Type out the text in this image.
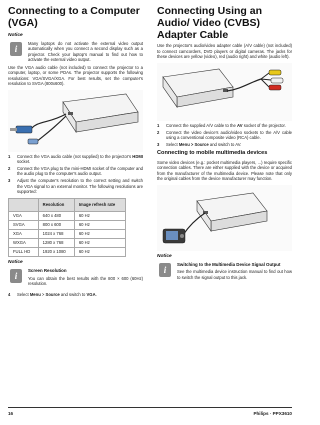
Connecting to a Computer (VGA)
Notice
i

Many laptops do not activate the external video output automatically when you connect a second display such as a projector. Check your laptop's manual to find out how to activate the external video output.

Use the VGA audio cable (not included) to connect the projector to a computer, laptop, or some PDAs. The projector supports the following resolutions: VGA/SVGA/XGA. For best results, set the computer's resolution to SVGA (800x600).

1 Connect the VGA audio cable (not supplied) to the projector's HDMI socket.
2 Connect the VGA plug to the mini-HDMI socket of the computer and the audio plug to the computer's audio output.
3 Adjust the computer's resolution to the correct setting and switch the VGA signal to an external monitor. The following resolutions are supported:
	Resolution	Image refresh rate
VGA	640 x 480	60 Hz
SVGA	800 x 600	60 Hz
XGA	1024 x 768	60 Hz
WXGA	1280 x 768	60 Hz
FULL HD	1920 x 1080	60 Hz
Notice
i
Screen Resolution

You can obtain the best results with the 800 × 600 (60Hz) resolution.

4 Select Menu > Source and switch to VGA.
Connecting Using an Audio/ Video (CVBS) Adapter Cable

Use the projector's audio/video adapter cable (A/V cable) (not included) to connect camcorders, DVD players or digital cameras. The jacks for these devices are yellow (video), red (audio right) and white (audio left).

1 Connect the supplied A/V cable to the AV socket of the projector.
2 Connect the video device's audio/video sockets to the A/V cable using a conventional composite video (RCA) cable.
3 Select Menu > Source and switch to AV.
Connecting to mobile multimedia devices

Some video devices (e.g.: pocket multimedia players, ...) require specific connection cables. There are either supplied with the device or acquired from the manufacturer of the multimedia device. Please note that only the original cables from the device manufacturer may function.

Notice
i
Switching to the Multimedia Device Signal Output

See the multimedia device instruction manual to find out how to switch the signal output to this jack.

16	Philips · PPX3610
